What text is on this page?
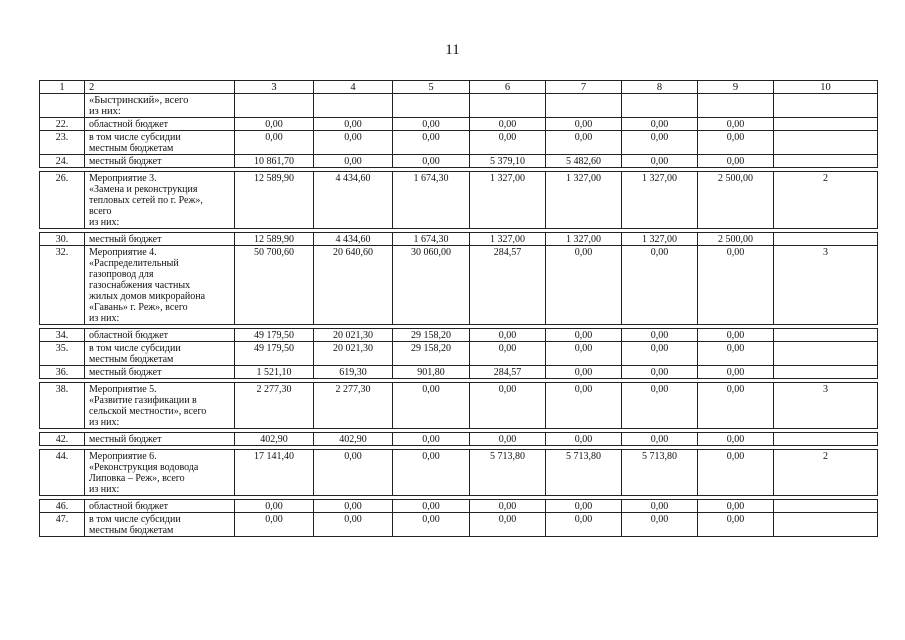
11
1	2	3	4	5	6	7	8	9	10
«Быстринский», всего
из них:
22.	областной бюджет	0,00	0,00	0,00	0,00	0,00	0,00	0,00
23.	в том числе субсидии
местным бюджетам
0,00	0,00	0,00	0,00	0,00	0,00	0,00
24.	местный бюджет	10 861,70	0,00	0,00	5 379,10	5 482,60	0,00	0,00
26.	Мероприятие 3.
«Замена и реконструкция
тепловых сетей по г. Реж»,
всего
из них:
12 589,90	4 434,60	1 674,30	1 327,00	1 327,00	1 327,00	2 500,00	2
30.	местный бюджет	12 589,90	4 434,60	1 674,30	1 327,00	1 327,00	1 327,00	2 500,00
32.	Мероприятие 4.
«Распределительный
газопровод для
газоснабжения частных
жилых домов микрорайона
«Гавань» г. Реж», всего
из них:
50 700,60	20 640,60	30 060,00	284,57	0,00	0,00	0,00	3
34.	областной бюджет	49 179,50	20 021,30	29 158,20	0,00	0,00	0,00	0,00
35.	в том числе субсидии
местным бюджетам
49 179,50	20 021,30	29 158,20	0,00	0,00	0,00	0,00
36.	местный бюджет	1 521,10	619,30	901,80	284,57	0,00	0,00	0,00
38.	Мероприятие 5.
«Развитие газификации в
сельской местности», всего
из них:
2 277,30	2 277,30	0,00	0,00	0,00	0,00	0,00	3
42.	местный бюджет	402,90	402,90	0,00	0,00	0,00	0,00	0,00
44.	Мероприятие 6.
«Реконструкция водовода
Липовка – Реж», всего
из них:
17 141,40	0,00	0,00	5 713,80	5 713,80	5 713,80	0,00	2
46.	областной бюджет	0,00	0,00	0,00	0,00	0,00	0,00	0,00
47.	в том числе субсидии
местным бюджетам
0,00	0,00	0,00	0,00	0,00	0,00	0,00
